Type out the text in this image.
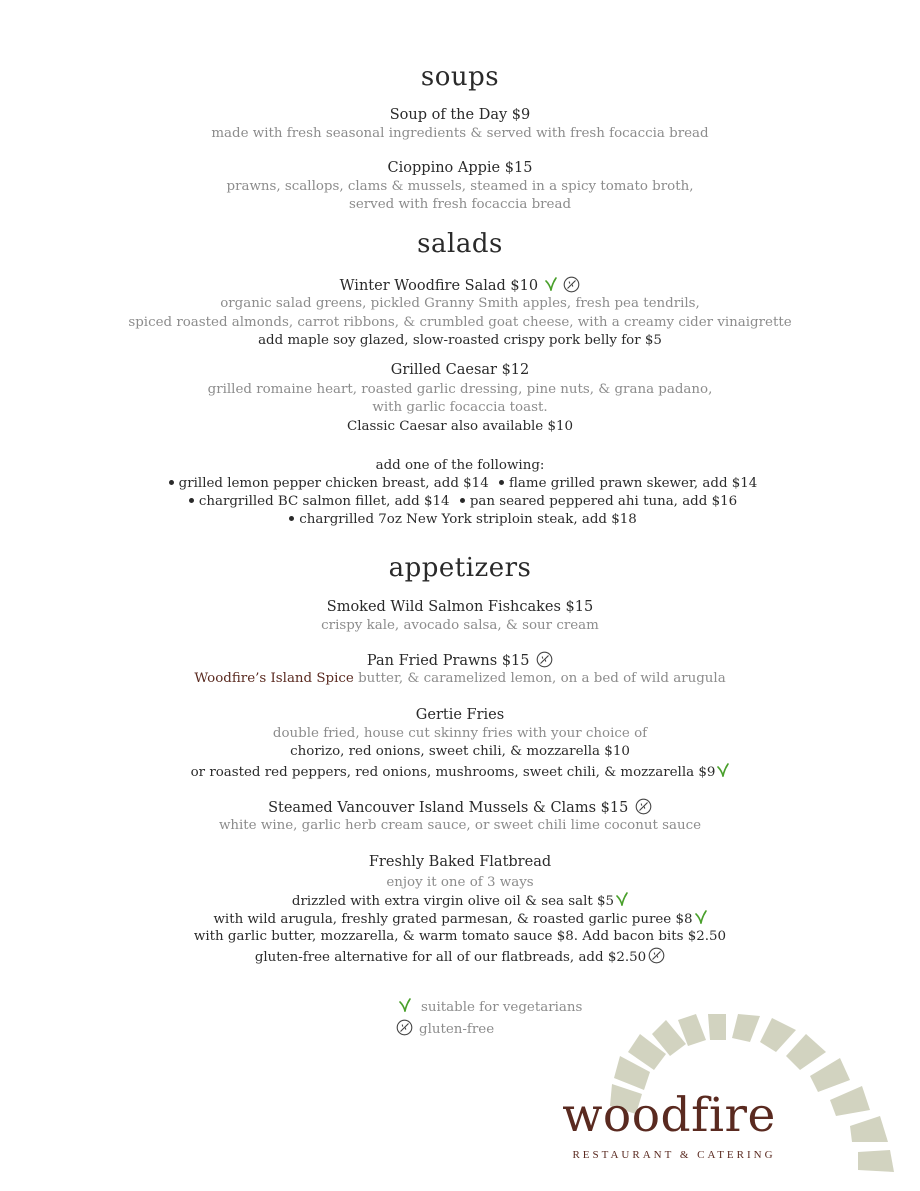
soups
Soup of the Day $9
made with fresh seasonal ingredients & served with fresh focaccia bread
Cioppino Appie $15
prawns, scallops, clams & mussels, steamed in a spicy tomato broth,
served with fresh focaccia bread
salads
Winter Woodfire Salad $10
organic salad greens, pickled Granny Smith apples, fresh pea tendrils,
spiced roasted almonds, carrot ribbons, & crumbled goat cheese, with a creamy cider vinaigrette
add maple soy glazed, slow-roasted crispy pork belly for $5
Grilled Caesar $12
grilled romaine heart, roasted garlic dressing, pine nuts, & grana padano,
with garlic focaccia toast.
Classic Caesar also available $10
add one of the following:
grilled lemon pepper chicken breast, add $14 flame grilled prawn skewer, add $14
chargrilled BC salmon fillet, add $14 pan seared peppered ahi tuna, add $16
chargrilled 7oz New York striploin steak, add $18
appetizers
Smoked Wild Salmon Fishcakes $15
crispy kale, avocado salsa, & sour cream
Pan Fried Prawns $15
Woodfire’s Island Spice butter, & caramelized lemon, on a bed of wild arugula
Gertie Fries
double fried, house cut skinny fries with your choice of
chorizo, red onions, sweet chili, & mozzarella $10
or roasted red peppers, red onions, mushrooms, sweet chili, & mozzarella $9
Steamed Vancouver Island Mussels & Clams $15
white wine, garlic herb cream sauce, or sweet chili lime coconut sauce
Freshly Baked Flatbread
enjoy it one of 3 ways
drizzled with extra virgin olive oil & sea salt $5
with wild arugula, freshly grated parmesan, & roasted garlic puree $8
with garlic butter, mozzarella, & warm tomato sauce $8. Add bacon bits $2.50
gluten-free alternative for all of our flatbreads, add $2.50
suitable for vegetarians
gluten-free
woodfire
RESTAURANT & CATERING
